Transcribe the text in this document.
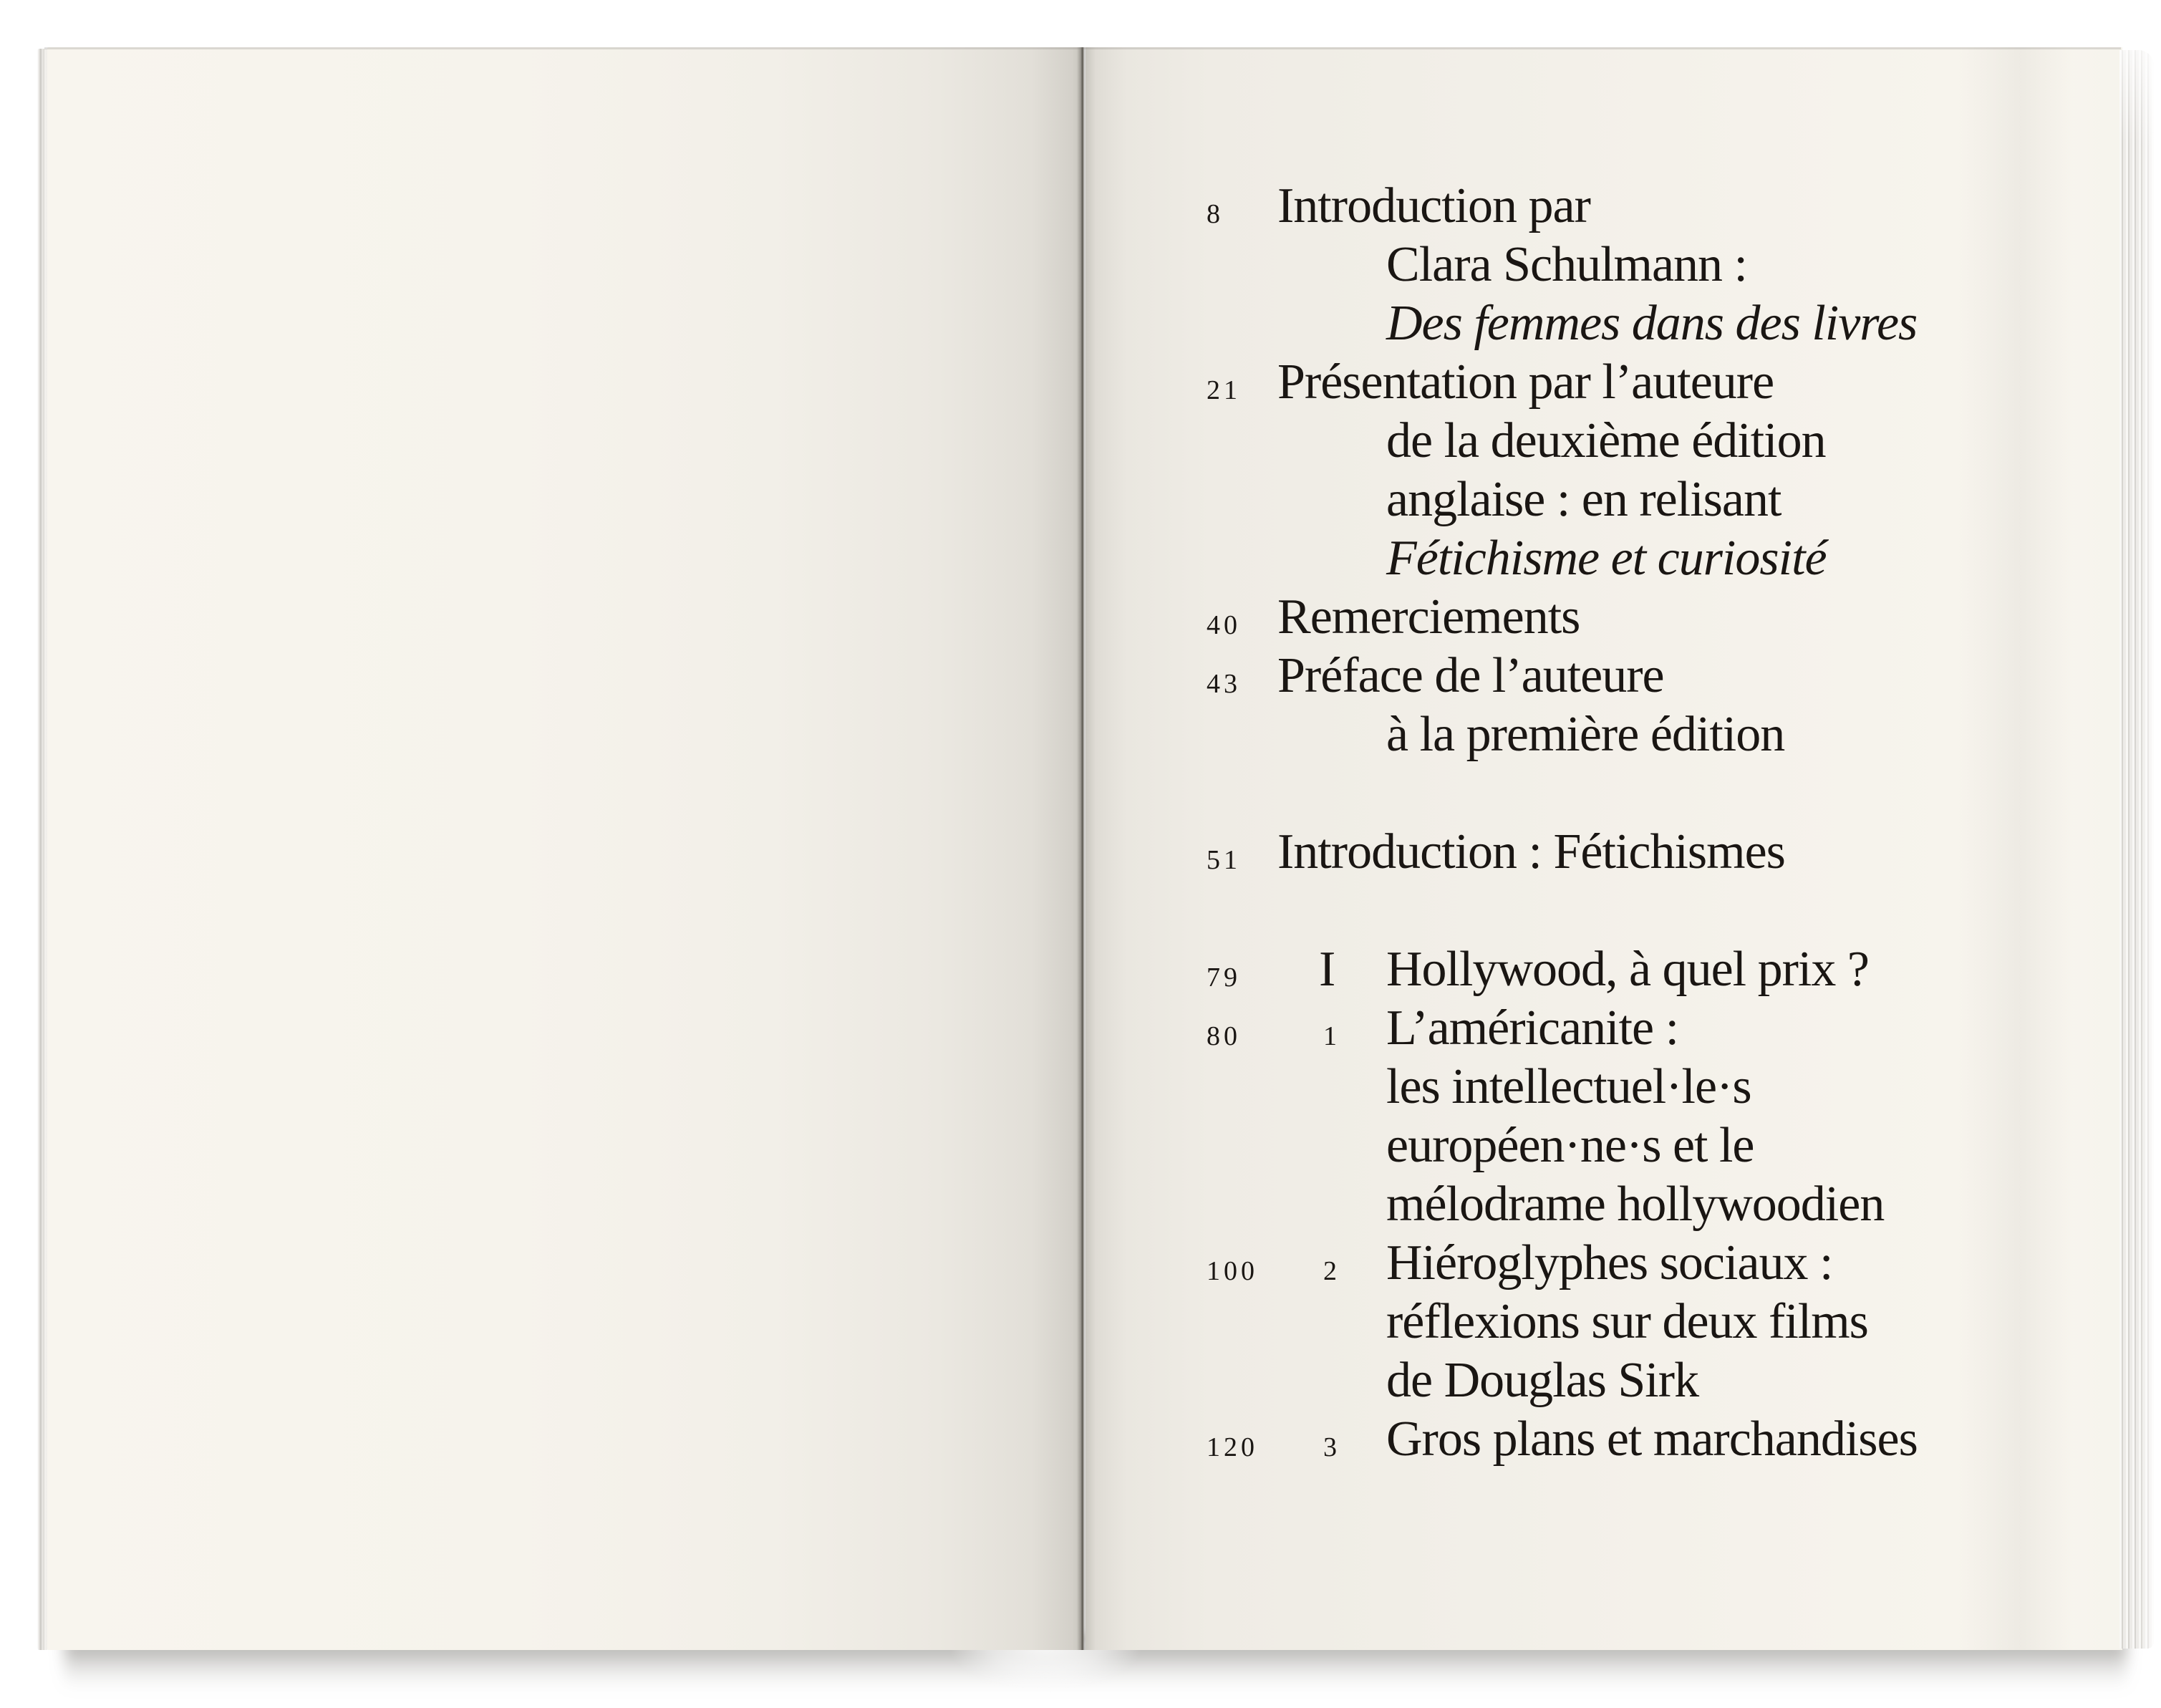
8 Introduction par
Clara Schulmann :
Des femmes dans des livres
21 Présentation par l’auteure
de la deuxième édition
anglaise : en relisant
Fétichisme et curiosité
40 Remerciements
43 Préface de l’auteure
à la première édition
51 Introduction : Fétichismes
79 I Hollywood, à quel prix ?
80	1 L’américanite :
les intellectuel·le·s
européen·ne·s et le
mélodrame hollywoodien
100 2 Hiéroglyphes sociaux :
réflexions sur deux films
de Douglas Sirk
120 3 Gros plans et marchandises
